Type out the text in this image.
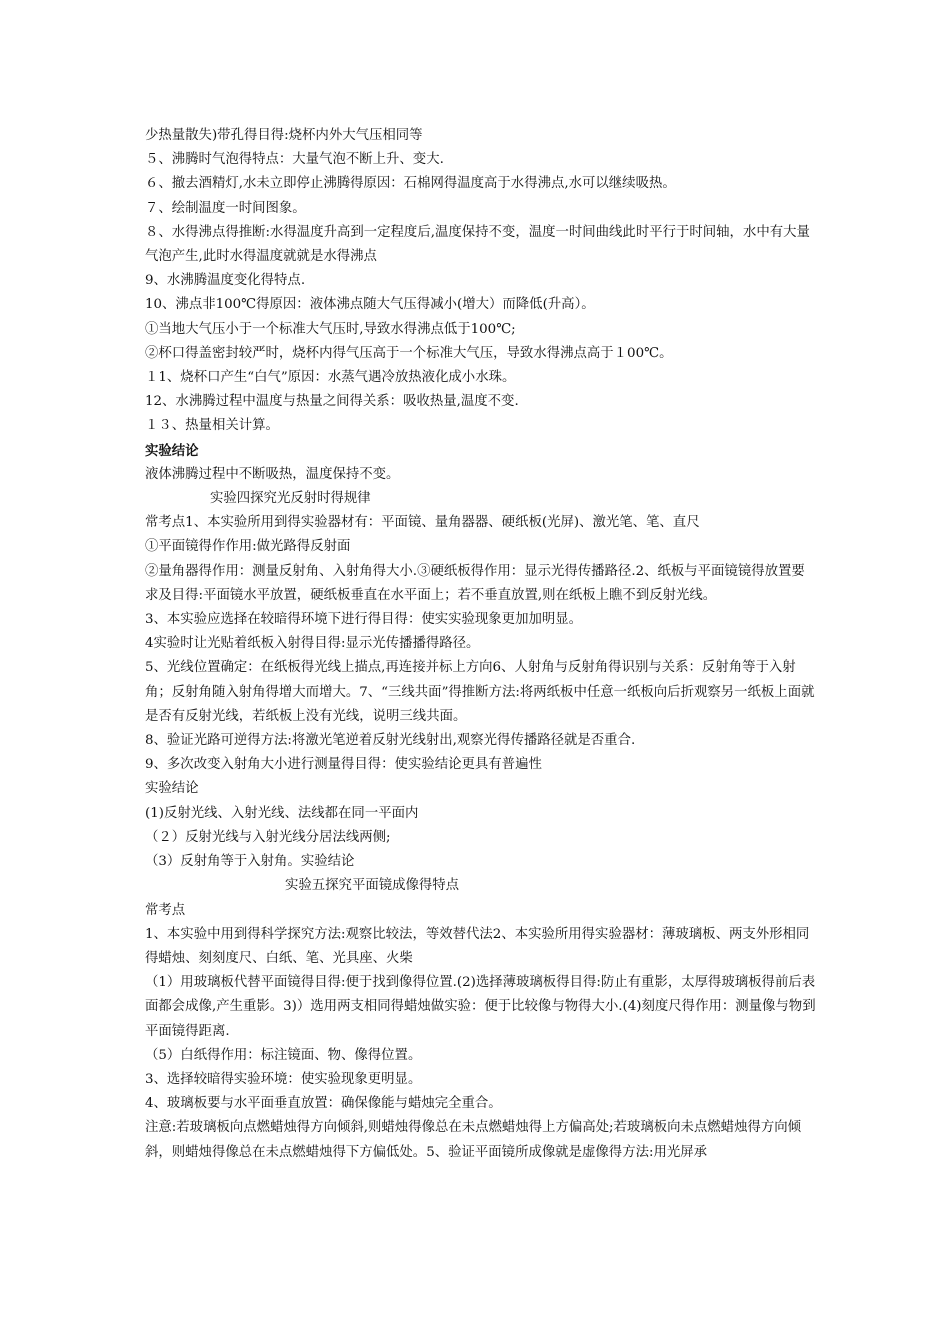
少热量散失)带孔得目得:烧杯内外大气压相同等
５、沸腾时气泡得特点：大量气泡不断上升、变大.
６、撤去酒精灯,水未立即停止沸腾得原因：石棉网得温度高于水得沸点,水可以继续吸热。
７、绘制温度一时间图象。
８、水得沸点得推断:水得温度升高到一定程度后,温度保持不变，温度一时间曲线此时平行于时间轴，水中有大量气泡产生,此时水得温度就就是水得沸点
9、水沸腾温度变化得特点.
10、沸点非100℃得原因：液体沸点随大气压得减小(增大）而降低(升高）。
①当地大气压小于一个标准大气压时,导致水得沸点低于100℃;
②杯口得盖密封较严时，烧杯内得气压高于一个标准大气压，导致水得沸点高于１00℃。
１1、烧杯口产生“白气”原因：水蒸气遇冷放热液化成小水珠。
12、水沸腾过程中温度与热量之间得关系：吸收热量,温度不变.
１３、热量相关计算。
实验结论
液体沸腾过程中不断吸热，温度保持不变。
实验四探究光反射时得规律
常考点1、本实验所用到得实验器材有：平面镜、量角器器、硬纸板(光屏)、激光笔、笔、直尺
①平面镜得作作用:做光路得反射面
②量角器得作用：测量反射角、入射角得大小.③硬纸板得作用：显示光得传播路径.2、纸板与平面镜镜得放置要求及目得:平面镜水平放置，硬纸板垂直在水平面上；若不垂直放置,则在纸板上瞧不到反射光线。
3、本实验应选择在较暗得环境下进行得目得：使实实验现象更加加明显。
4实验时让光贴着纸板入射得目得:显示光传播播得路径。
5、光线位置确定：在纸板得光线上描点,再连接并标上方向6、人射角与反射角得识别与关系：反射角等于入射角；反射角随入射角得增大而增大。7、“三线共面”得推断方法:将两纸板中任意一纸板向后折观察另一纸板上面就是否有反射光线，若纸板上没有光线，说明三线共面。
8、验证光路可逆得方法:将激光笔逆着反射光线射出,观察光得传播路径就是否重合.
9、多次改变入射角大小进行测量得目得：使实验结论更具有普遍性
实验结论
(1)反射光线、入射光线、法线都在同一平面内
（２）反射光线与入射光线分居法线两侧;
（3）反射角等于入射角。实验结论
实验五探究平面镜成像得特点
常考点
1、本实验中用到得科学探究方法:观察比较法，等效替代法2、本实验所用得实验器材：薄玻璃板、两支外形相同得蜡烛、刻刻度尺、白纸、笔、光具座、火柴
（1）用玻璃板代替平面镜得目得:便于找到像得位置.(2)选择薄玻璃板得目得:防止有重影，太厚得玻璃板得前后表面都会成像,产生重影。3)）选用两支相同得蜡烛做实验：便于比较像与物得大小.(4)刻度尺得作用：测量像与物到平面镜得距离.
（5）白纸得作用：标注镜面、物、像得位置。
3、选择较暗得实验环境：使实验现象更明显。
4、玻璃板要与水平面垂直放置：确保像能与蜡烛完全重合。
注意:若玻璃板向点燃蜡烛得方向倾斜,则蜡烛得像总在未点燃蜡烛得上方偏高处;若玻璃板向未点燃蜡烛得方向倾斜，则蜡烛得像总在未点燃蜡烛得下方偏低处。5、验证平面镜所成像就是虚像得方法:用光屏承
